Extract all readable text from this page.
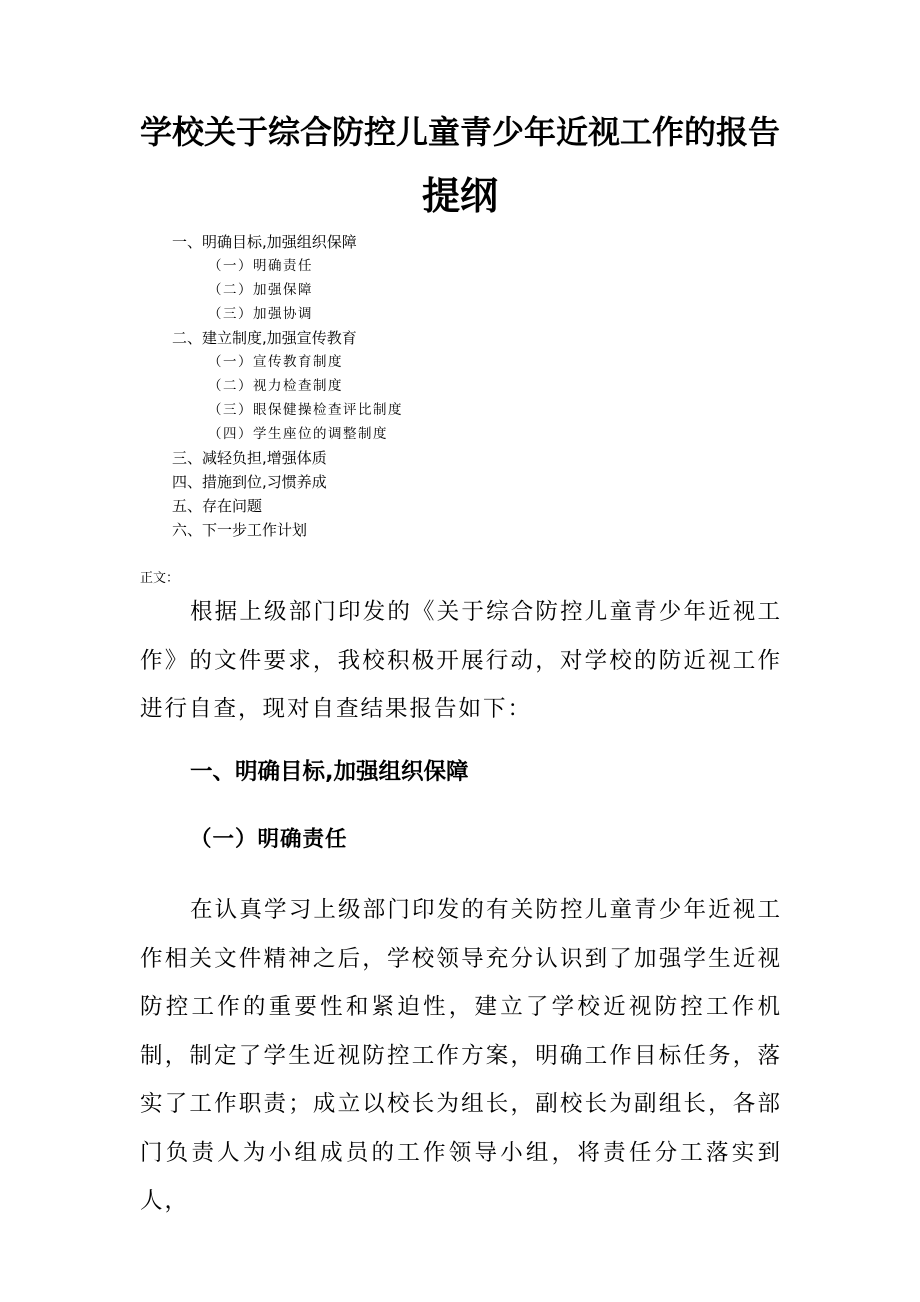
学校关于综合防控儿童青少年近视工作的报告
提纲
一、明确目标,加强组织保障
（一）明确责任
（二）加强保障
（三）加强协调
二、建立制度,加强宣传教育
（一）宣传教育制度
（二）视力检查制度
（三）眼保健操检查评比制度
（四）学生座位的调整制度
三、减轻负担,增强体质
四、措施到位,习惯养成
五、存在问题
六、下一步工作计划
正文：

根据上级部门印发的《关于综合防控儿童青少年近视工作》的文件要求，我校积极开展行动，对学校的防近视工作进行自查，现对自查结果报告如下：

一、明确目标,加强组织保障
（一）明确责任

在认真学习上级部门印发的有关防控儿童青少年近视工作相关文件精神之后，学校领导充分认识到了加强学生近视防控工作的重要性和紧迫性，建立了学校近视防控工作机制，制定了学生近视防控工作方案，明确工作目标任务，落实了工作职责；成立以校长为组长，副校长为副组长，各部门负责人为小组成员的工作领导小组，将责任分工落实到人，
